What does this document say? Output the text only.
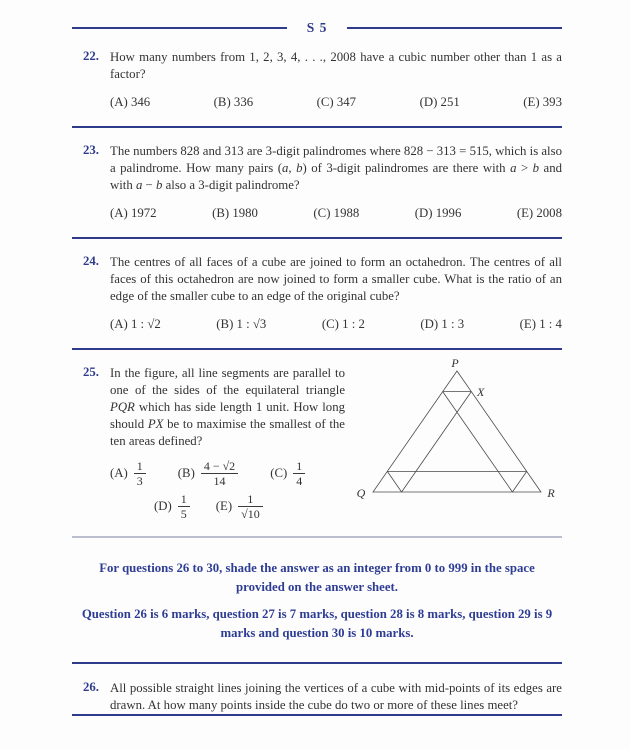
S 5
22. How many numbers from 1, 2, 3, 4, . . ., 2008 have a cubic number other than 1 as a factor?

(A) 346	(B) 336	(C) 347	(D) 251	(E) 393
23. The numbers 828 and 313 are 3-digit palindromes where 828 − 313 = 515, which is also a palindrome. How many pairs (a, b) of 3-digit palindromes are there with a > b and with a − b also a 3-digit palindrome?

(A) 1972	(B) 1980	(C) 1988	(D) 1996	(E) 2008
24. The centres of all faces of a cube are joined to form an octahedron. The centres of all faces of this octahedron are now joined to form a smaller cube. What is the ratio of an edge of the smaller cube to an edge of the original cube?

(A) 1 : √2	(B) 1 : √3	(C) 1 : 2	(D) 1 : 3	(E) 1 : 4
25. In the figure, all line segments are parallel to one of the sides of the equilateral triangle PQR which has side length 1 unit. How long should PX be to maximise the smallest of the ten areas defined?

$(A) \frac{1}{3}$	$(B) \frac{4 - √2}{14}$	$(C) \frac{1}{4}$
$(D) \frac{1}{5} (E) \frac{1}{√10}$
P
X
Q	R

For questions 26 to 30, shade the answer as an integer from 0 to 999 in the space provided on the answer sheet.

Question 26 is 6 marks, question 27 is 7 marks, question 28 is 8 marks, question 29 is 9 marks and question 30 is 10 marks.

26. All possible straight lines joining the vertices of a cube with mid-points of its edges are drawn. At how many points inside the cube do two or more of these lines meet?
